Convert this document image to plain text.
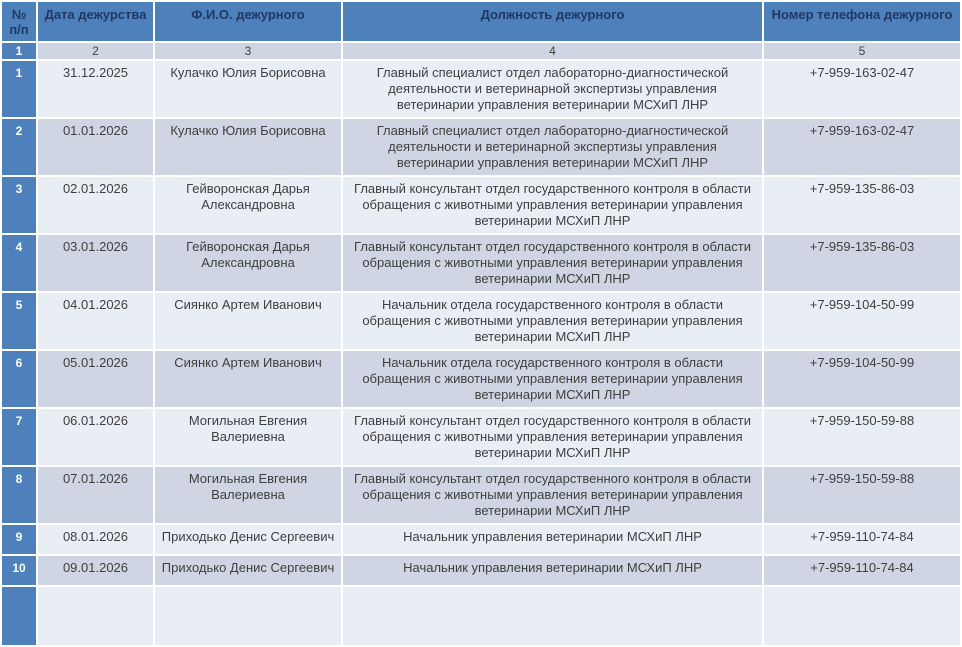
№ п/п	Дата дежурства	Ф.И.О. дежурного	Должность дежурного	Номер телефона дежурного
1	2	3	4	5
1	31.12.2025	Кулачко Юлия Борисовна	Главный специалист отдел лабораторно-диагностической деятельности и ветеринарной экспертизы управления ветеринарии управления ветеринарии МСХиП ЛНР	+7-959-163-02-47
2	01.01.2026	Кулачко Юлия Борисовна	Главный специалист отдел лабораторно-диагностической деятельности и ветеринарной экспертизы управления ветеринарии управления ветеринарии МСХиП ЛНР	+7-959-163-02-47
3	02.01.2026	Гейворонская Дарья Александровна	Главный консультант отдел государственного контроля в области обращения с животными управления ветеринарии управления ветеринарии МСХиП ЛНР	+7-959-135-86-03
4	03.01.2026	Гейворонская Дарья Александровна	Главный консультант отдел государственного контроля в области обращения с животными управления ветеринарии управления ветеринарии МСХиП ЛНР	+7-959-135-86-03
5	04.01.2026	Сиянко Артем Иванович	Начальник отдела государственного контроля в области обращения с животными управления ветеринарии управления ветеринарии МСХиП ЛНР	+7-959-104-50-99
6	05.01.2026	Сиянко Артем Иванович	Начальник отдела государственного контроля в области обращения с животными управления ветеринарии управления ветеринарии МСХиП ЛНР	+7-959-104-50-99
7	06.01.2026	Могильная Евгения Валериевна	Главный консультант отдел государственного контроля в области обращения с животными управления ветеринарии управления ветеринарии МСХиП ЛНР	+7-959-150-59-88
8	07.01.2026	Могильная Евгения Валериевна	Главный консультант отдел государственного контроля в области обращения с животными управления ветеринарии управления ветеринарии МСХиП ЛНР	+7-959-150-59-88
9	08.01.2026	Приходько Денис Сергеевич	Начальник управления ветеринарии МСХиП ЛНР	+7-959-110-74-84
10	09.01.2026	Приходько Денис Сергеевич	Начальник управления ветеринарии МСХиП ЛНР	+7-959-110-74-84
